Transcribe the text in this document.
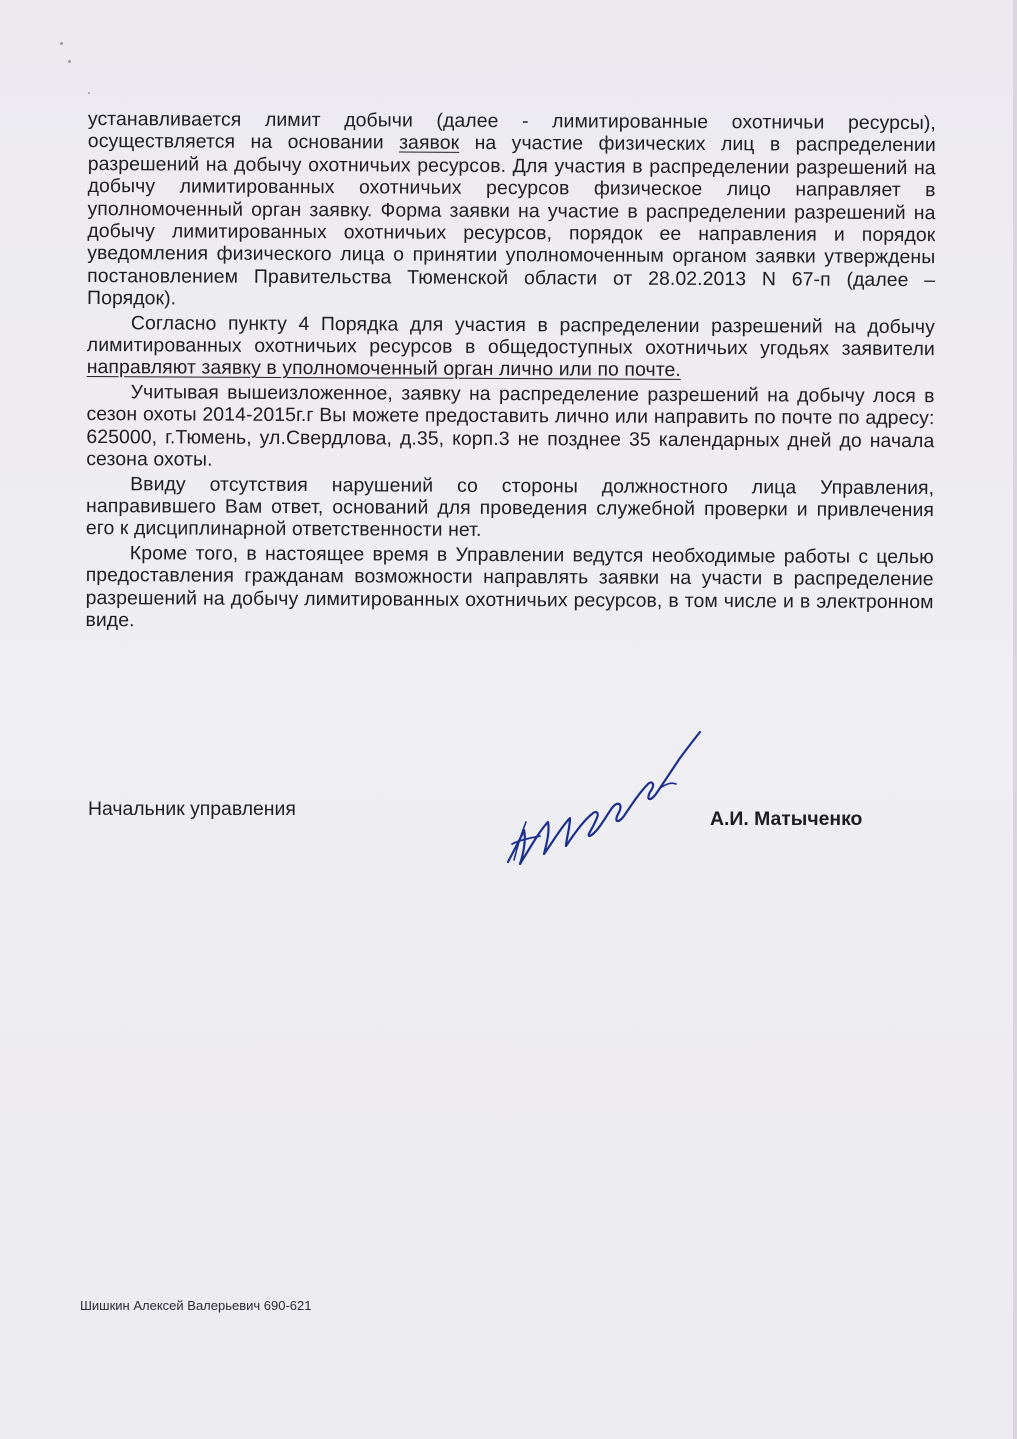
устанавливается лимит добычи (далее - лимитированные охотничьи ресурсы), осуществляется на основании заявок на участие физических лиц в распределении разрешений на добычу охотничьих ресурсов. Для участия в распределении разрешений на добычу лимитированных охотничьих ресурсов физическое лицо направляет в уполномоченный орган заявку. Форма заявки на участие в распределении разрешений на добычу лимитированных охотничьих ресурсов, порядок ее направления и порядок уведомления физического лица о принятии уполномоченным органом заявки утверждены постановлением Правительства Тюменской области от 28.02.2013 N 67-п (далее – Порядок).

Согласно пункту 4 Порядка для участия в распределении разрешений на добычу лимитированных охотничьих ресурсов в общедоступных охотничьих угодьях заявители направляют заявку в уполномоченный орган лично или по почте.

Учитывая вышеизложенное, заявку на распределение разрешений на добычу лося в сезон охоты 2014-2015г.г Вы можете предоставить лично или направить по почте по адресу: 625000, г.Тюмень, ул.Свердлова, д.35, корп.3 не позднее 35 календарных дней до начала сезона охоты.

Ввиду отсутствия нарушений со стороны должностного лица Управления, направившего Вам ответ, оснований для проведения служебной проверки и привлечения его к дисциплинарной ответственности нет.

Кроме того, в настоящее время в Управлении ведутся необходимые работы с целью предоставления гражданам возможности направлять заявки на участи в распределение разрешений на добычу лимитированных охотничьих ресурсов, в том числе и в электронном виде.

Начальник управления	А.И. Матыченко
Шишкин Алексей Валерьевич 690-621
